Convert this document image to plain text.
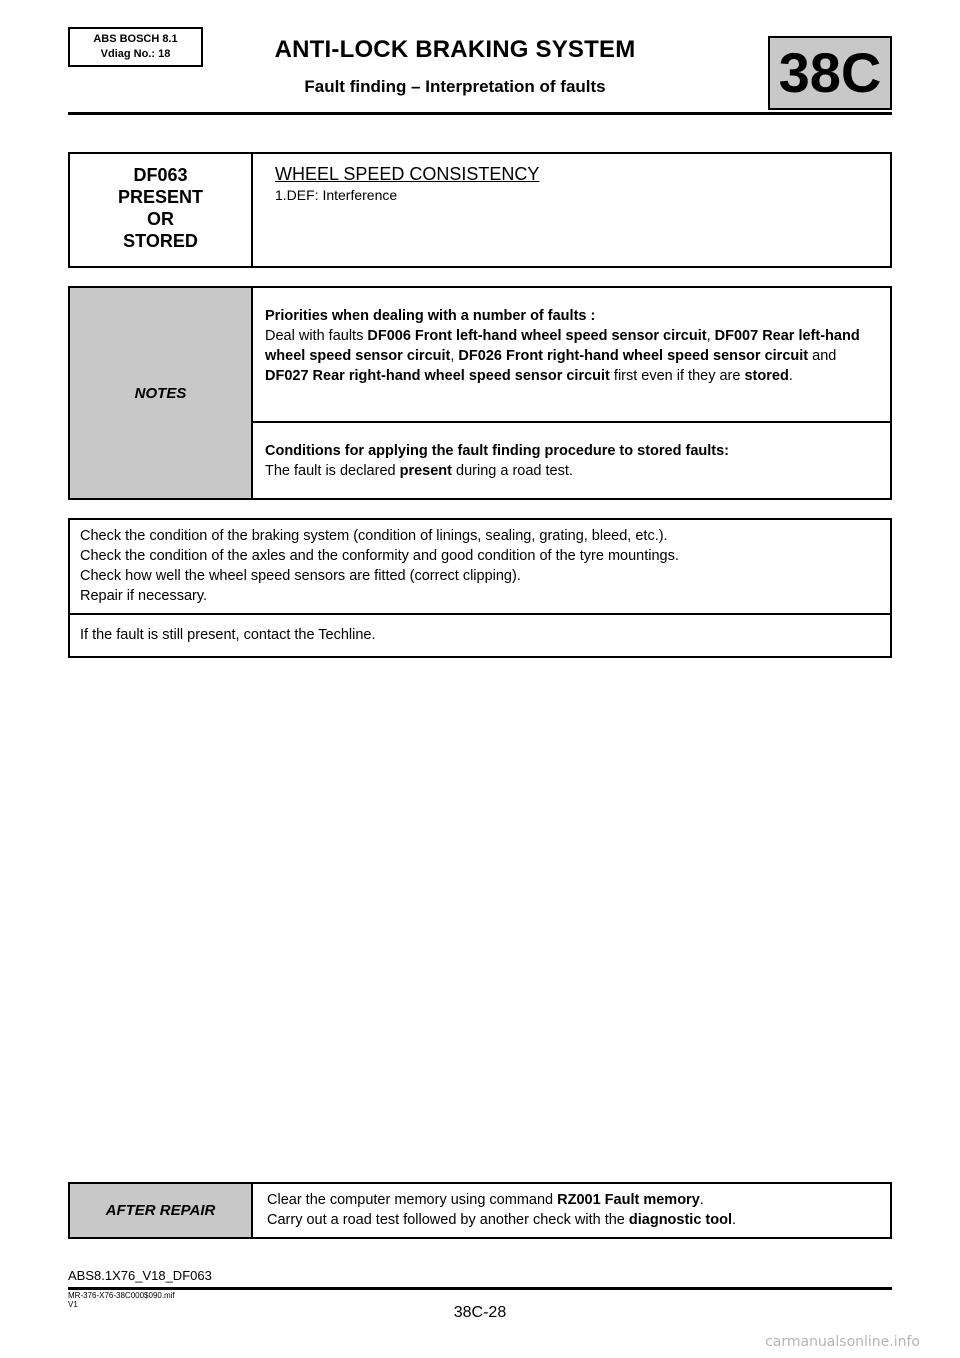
ABS BOSCH 8.1
Vdiag No.: 18	ANTI-LOCK BRAKING SYSTEM
Fault finding – Interpretation of faults	38C
DF063
PRESENT
OR
STORED
WHEEL SPEED CONSISTENCY
1.DEF: Interference
NOTES
Priorities when dealing with a number of faults :
Deal with faults DF006 Front left-hand wheel speed sensor circuit, DF007 Rear left-hand wheel speed sensor circuit, DF026 Front right-hand wheel speed sensor circuit and DF027 Rear right-hand wheel speed sensor circuit first even if they are stored.
Conditions for applying the fault finding procedure to stored faults:
The fault is declared present during a road test.
Check the condition of the braking system (condition of linings, sealing, grating, bleed, etc.).
Check the condition of the axles and the conformity and good condition of the tyre mountings.
Check how well the wheel speed sensors are fitted (correct clipping).
Repair if necessary.
If the fault is still present, contact the Techline.
AFTER REPAIR
Clear the computer memory using command RZ001 Fault memory.
Carry out a road test followed by another check with the diagnostic tool.
ABS8.1X76_V18_DF063
MR-376-X76-38C000$090.mif
V1	38C-28
carmanualsonline.info
